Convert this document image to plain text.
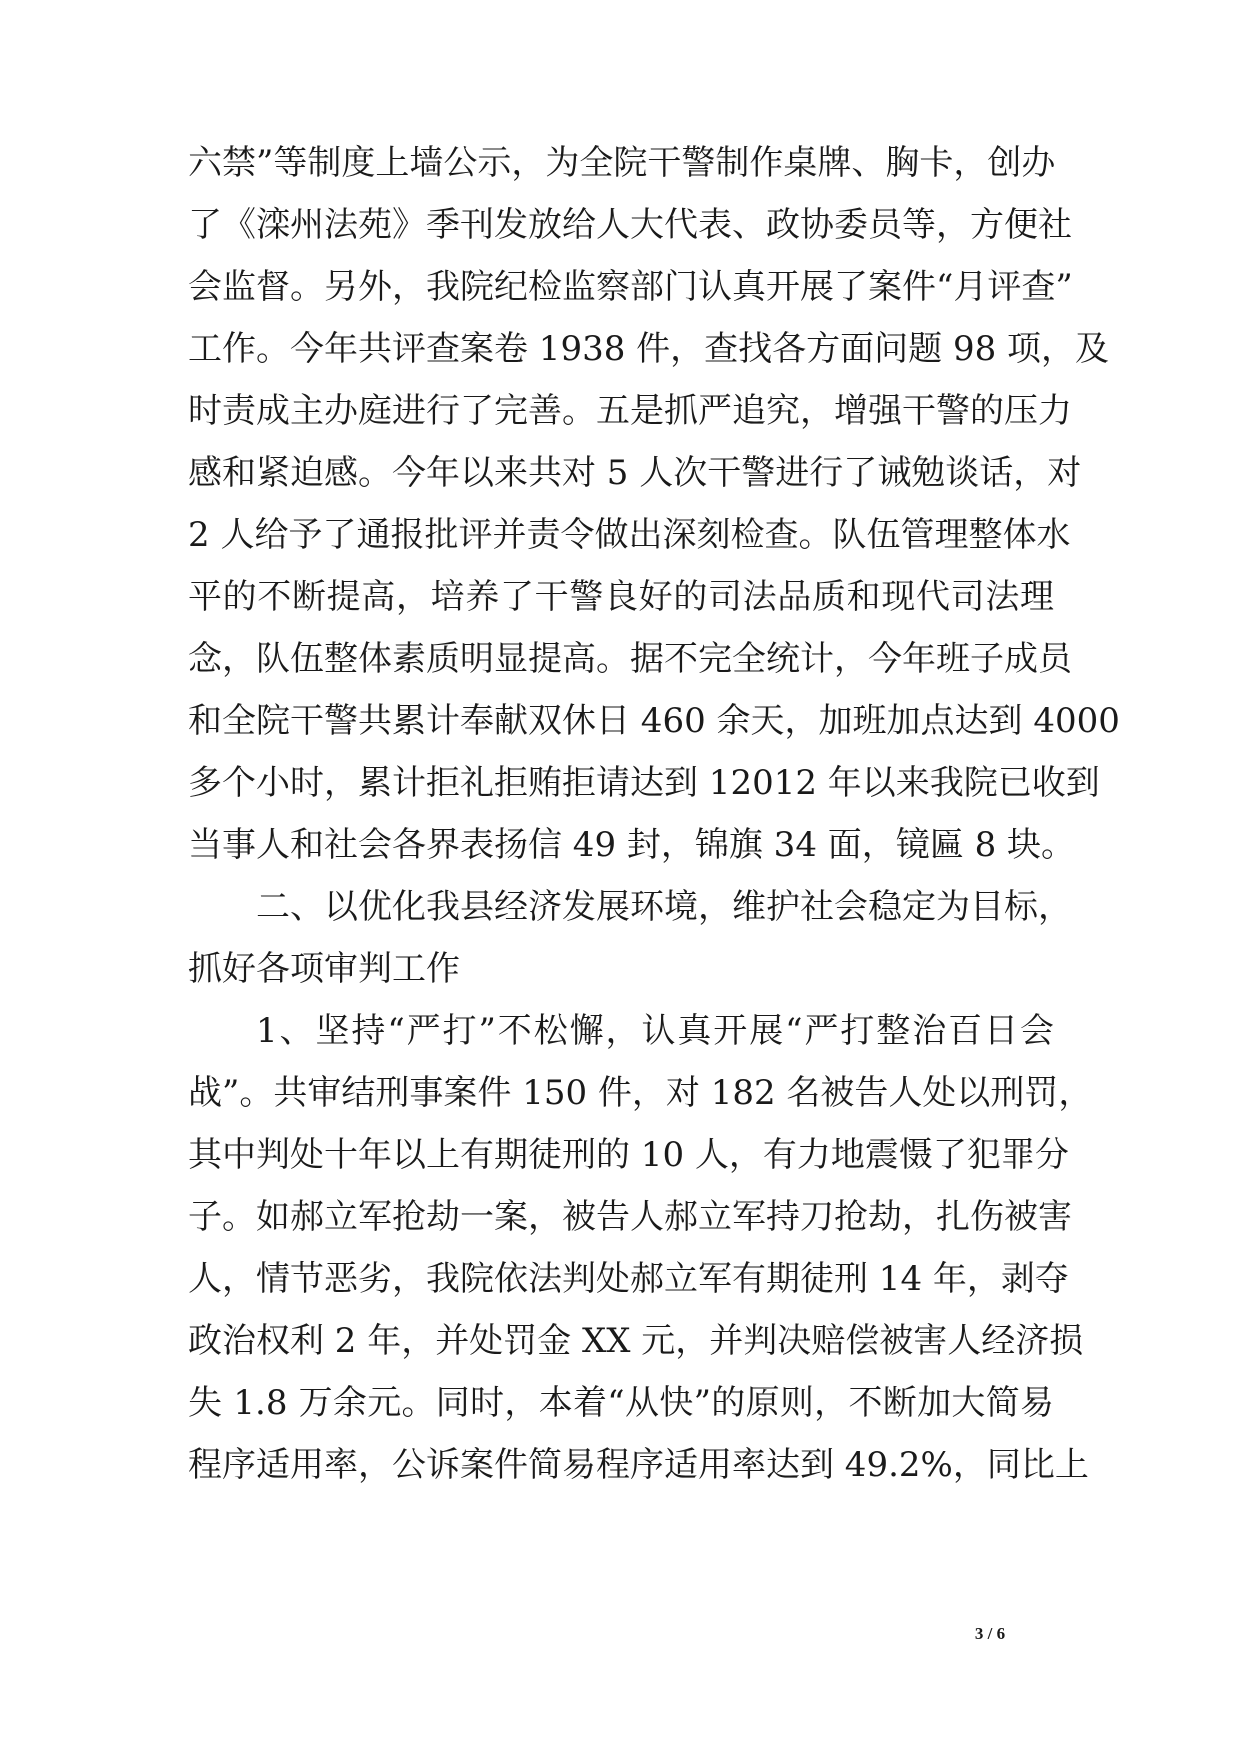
六禁”等制度上墙公示，为全院干警制作桌牌、胸卡，创办
了《滦州法苑》季刊发放给人大代表、政协委员等，方便社
会监督。另外，我院纪检监察部门认真开展了案件“月评查”
工作。今年共评查案卷 1938 件，查找各方面问题 98 项，及
时责成主办庭进行了完善。五是抓严追究，增强干警的压力
感和紧迫感。今年以来共对 5 人次干警进行了诫勉谈话，对
2 人给予了通报批评并责令做出深刻检查。队伍管理整体水
平的不断提高，培养了干警良好的司法品质和现代司法理
念，队伍整体素质明显提高。据不完全统计，今年班子成员
和全院干警共累计奉献双休日 460 余天，加班加点达到 4000
多个小时，累计拒礼拒贿拒请达到 12012 年以来我院已收到
当事人和社会各界表扬信 49 封，锦旗 34 面，镜匾 8 块。
二、以优化我县经济发展环境，维护社会稳定为目标，
抓好各项审判工作
1、坚持“严打”不松懈，认真开展“严打整治百日会
战”。共审结刑事案件 150 件，对 182 名被告人处以刑罚，
其中判处十年以上有期徒刑的 10 人，有力地震慑了犯罪分
子。如郝立军抢劫一案，被告人郝立军持刀抢劫，扎伤被害
人，情节恶劣，我院依法判处郝立军有期徒刑 14 年，剥夺
政治权利 2 年，并处罚金 XX 元，并判决赔偿被害人经济损
失 1.8 万余元。同时，本着“从快”的原则，不断加大简易
程序适用率，公诉案件简易程序适用率达到 49.2%，同比上
3 / 6
